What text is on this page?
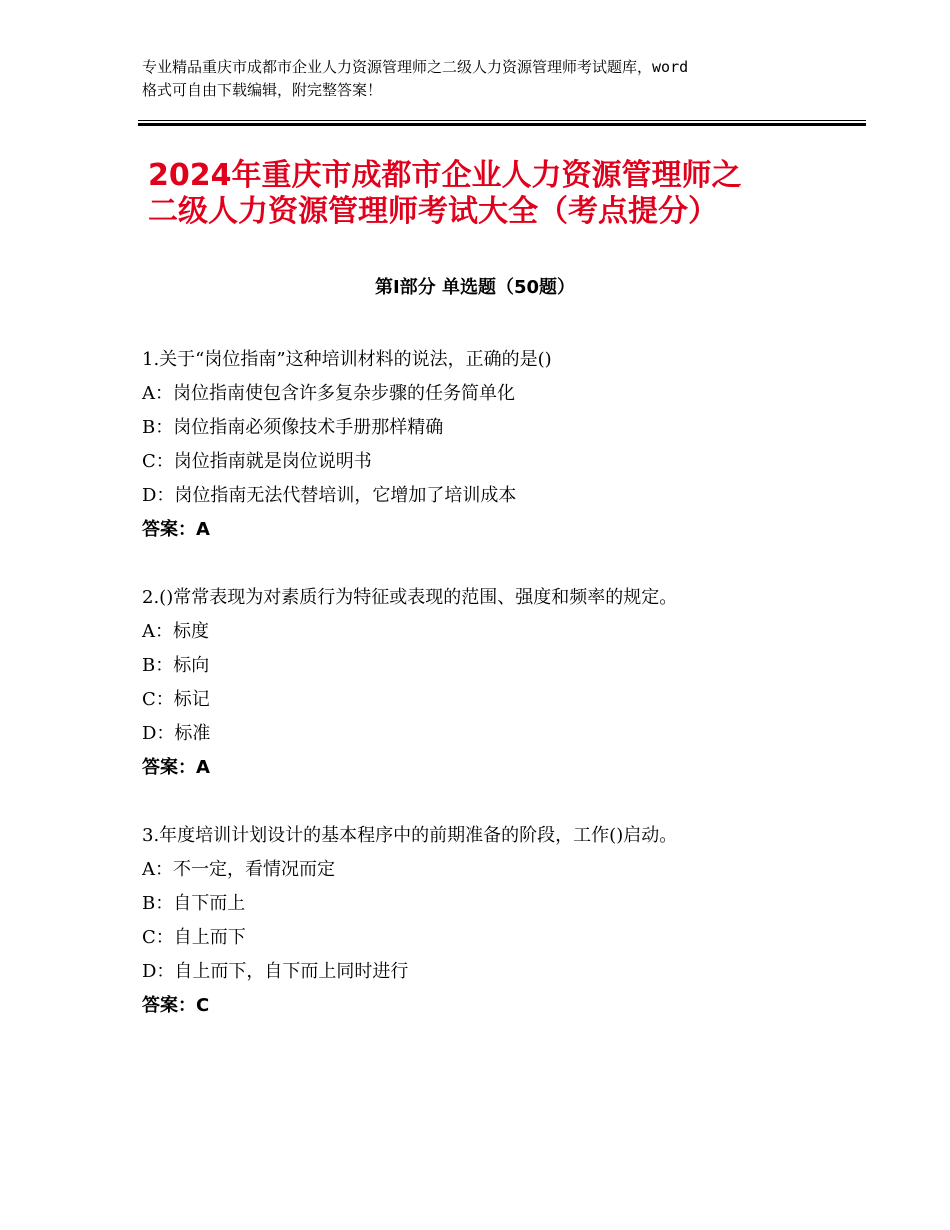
专业精品重庆市成都市企业人力资源管理师之二级人力资源管理师考试题库，word
格式可自由下载编辑，附完整答案！
2024年重庆市成都市企业人力资源管理师之
二级人力资源管理师考试大全（考点提分）
第Ⅰ部分 单选题（50题）
1.关于“岗位指南”这种培训材料的说法，正确的是()
A：岗位指南使包含许多复杂步骤的任务简单化
B：岗位指南必须像技术手册那样精确
C：岗位指南就是岗位说明书
D：岗位指南无法代替培训，它增加了培训成本
答案：A
2.()常常表现为对素质行为特征或表现的范围、强度和频率的规定。
A：标度
B：标向
C：标记
D：标准
答案：A
3.年度培训计划设计的基本程序中的前期准备的阶段，工作()启动。
A：不一定，看情况而定
B：自下而上
C：自上而下
D：自上而下，自下而上同时进行
答案：C
